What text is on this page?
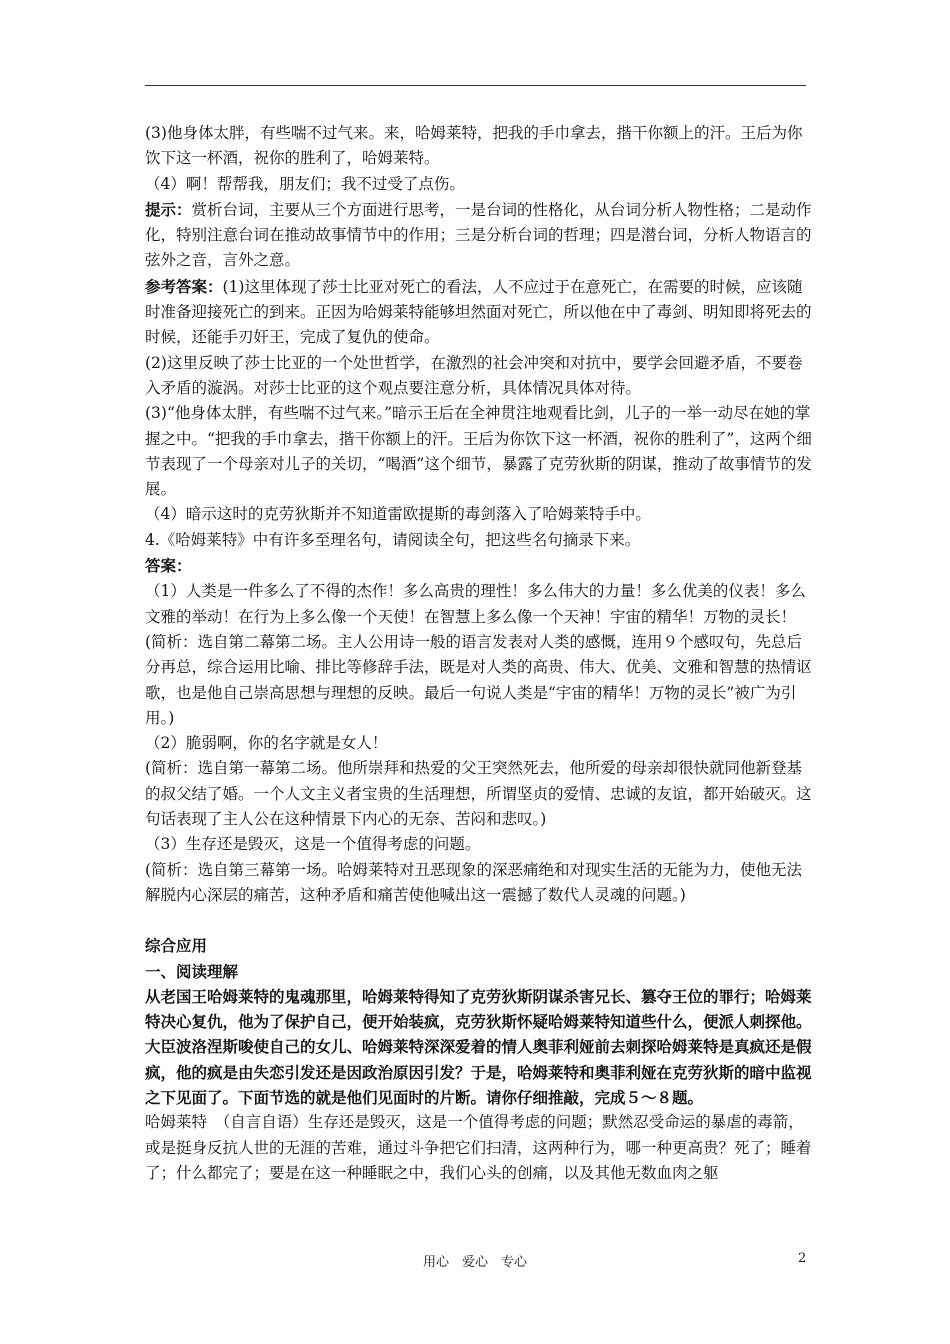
(3)他身体太胖，有些喘不过气来。来，哈姆莱特，把我的手巾拿去，揩干你额上的汗。王后为你饮下这一杯酒，祝你的胜利了，哈姆莱特。

（4）啊！帮帮我，朋友们；我不过受了点伤。

提示：赏析台词，主要从三个方面进行思考，一是台词的性格化，从台词分析人物性格；二是动作化，特别注意台词在推动故事情节中的作用；三是分析台词的哲理；四是潜台词，分析人物语言的弦外之音，言外之意。

参考答案：(1)这里体现了莎士比亚对死亡的看法，人不应过于在意死亡，在需要的时候，应该随时准备迎接死亡的到来。正因为哈姆莱特能够坦然面对死亡，所以他在中了毒剑、明知即将死去的时候，还能手刃奸王，完成了复仇的使命。

(2)这里反映了莎士比亚的一个处世哲学，在激烈的社会冲突和对抗中，要学会回避矛盾，不要卷入矛盾的漩涡。对莎士比亚的这个观点要注意分析，具体情况具体对待。

(3)“他身体太胖，有些喘不过气来。”暗示王后在全神贯注地观看比剑，儿子的一举一动尽在她的掌握之中。“把我的手巾拿去，揩干你额上的汗。王后为你饮下这一杯酒，祝你的胜利了”，这两个细节表现了一个母亲对儿子的关切，“喝酒”这个细节，暴露了克劳狄斯的阴谋，推动了故事情节的发展。

（4）暗示这时的克劳狄斯并不知道雷欧提斯的毒剑落入了哈姆莱特手中。

4.《哈姆莱特》中有许多至理名句，请阅读全句，把这些名句摘录下来。

答案：

（1）人类是一件多么了不得的杰作！多么高贵的理性！多么伟大的力量！多么优美的仪表！多么文雅的举动！在行为上多么像一个天使！在智慧上多么像一个天神！宇宙的精华！万物的灵长！

(简析：选自第二幕第二场。主人公用诗一般的语言发表对人类的感慨，连用９个感叹句，先总后分再总，综合运用比喻、排比等修辞手法，既是对人类的高贵、伟大、优美、文雅和智慧的热情讴歌，也是他自己崇高思想与理想的反映。最后一句说人类是“宇宙的精华！万物的灵长”被广为引用。)

（2）脆弱啊，你的名字就是女人！

(简析：选自第一幕第二场。他所崇拜和热爱的父王突然死去，他所爱的母亲却很快就同他新登基的叔父结了婚。一个人文主义者宝贵的生活理想，所谓坚贞的爱情、忠诚的友谊，都开始破灭。这句话表现了主人公在这种情景下内心的无奈、苦闷和悲叹。)

（3）生存还是毁灭，这是一个值得考虑的问题。

(简析：选自第三幕第一场。哈姆莱特对丑恶现象的深恶痛绝和对现实生活的无能为力，使他无法解脱内心深层的痛苦，这种矛盾和痛苦使他喊出这一震撼了数代人灵魂的问题。)

综合应用

一、阅读理解

从老国王哈姆莱特的鬼魂那里，哈姆莱特得知了克劳狄斯阴谋杀害兄长、篡夺王位的罪行；哈姆莱特决心复仇，他为了保护自己，便开始装疯，克劳狄斯怀疑哈姆莱特知道些什么，便派人刺探他。大臣波洛涅斯唆使自己的女儿、哈姆莱特深深爱着的情人奥菲利娅前去刺探哈姆莱特是真疯还是假疯，他的疯是由失恋引发还是因政治原因引发？于是，哈姆莱特和奥菲利娅在克劳狄斯的暗中监视之下见面了。下面节选的就是他们见面时的片断。请你仔细推敲，完成５～８题。

哈姆莱特　（自言自语）生存还是毁灭，这是一个值得考虑的问题；默然忍受命运的暴虐的毒箭，或是挺身反抗人世的无涯的苦难，通过斗争把它们扫清，这两种行为，哪一种更高贵？死了；睡着了；什么都完了；要是在这一种睡眠之中，我们心头的创痛，以及其他无数血肉之躯

用心　爱心　专心	2
